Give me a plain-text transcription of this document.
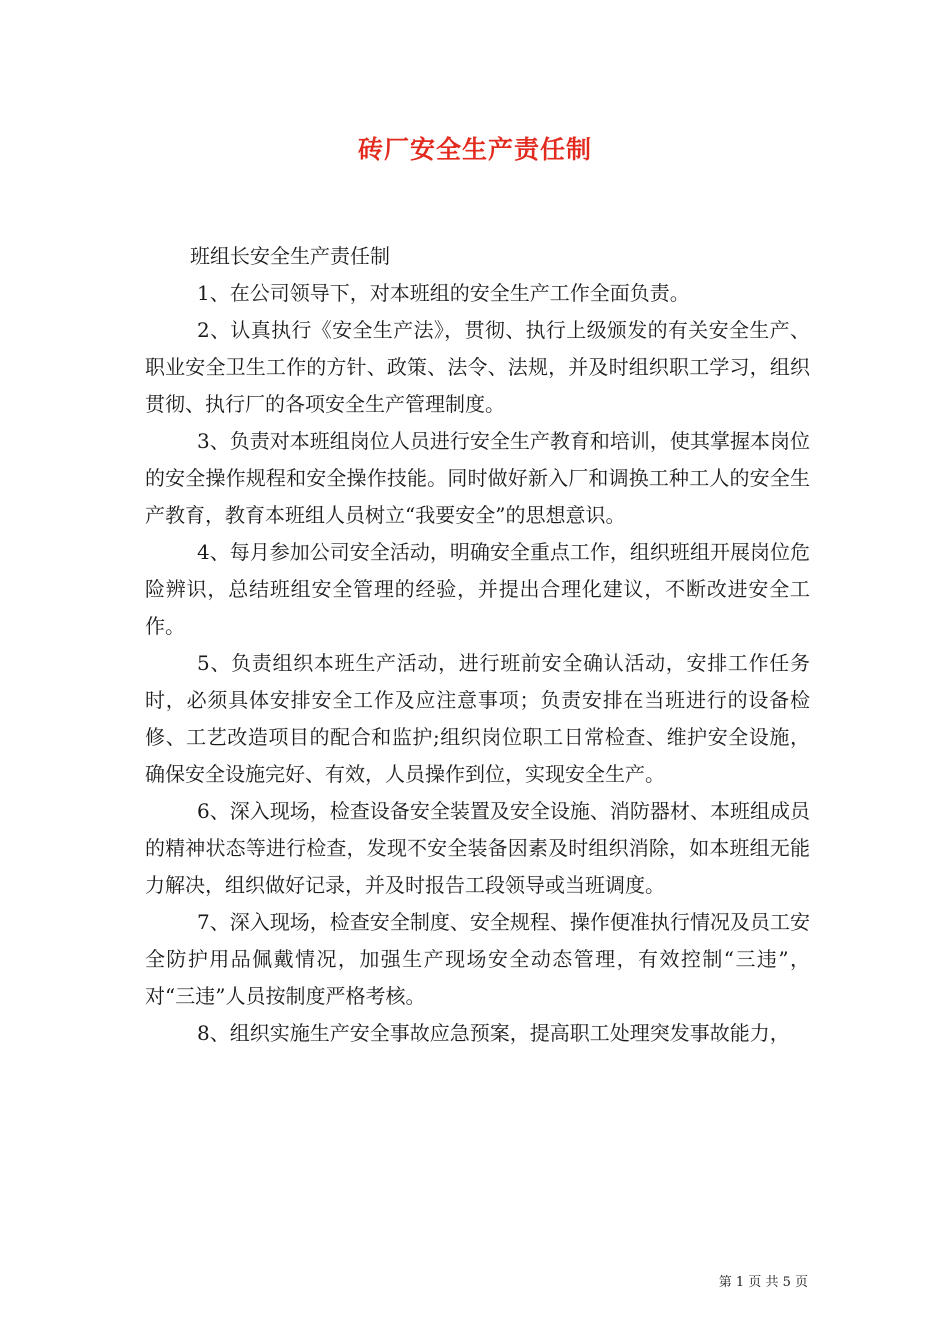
砖厂安全生产责任制

班组长安全生产责任制

1、在公司领导下，对本班组的安全生产工作全面负责。

2、认真执行《安全生产法》，贯彻、执行上级颁发的有关安全生产、职业安全卫生工作的方针、政策、法令、法规，并及时组织职工学习，组织贯彻、执行厂的各项安全生产管理制度。

3、负责对本班组岗位人员进行安全生产教育和培训，使其掌握本岗位的安全操作规程和安全操作技能。同时做好新入厂和调换工种工人的安全生产教育，教育本班组人员树立“我要安全”的思想意识。

4、每月参加公司安全活动，明确安全重点工作，组织班组开展岗位危险辨识，总结班组安全管理的经验，并提出合理化建议，不断改进安全工作。

5、负责组织本班生产活动，进行班前安全确认活动，安排工作任务时，必须具体安排安全工作及应注意事项；负责安排在当班进行的设备检修、工艺改造项目的配合和监护;组织岗位职工日常检查、维护安全设施，确保安全设施完好、有效，人员操作到位，实现安全生产。

6、深入现场，检查设备安全装置及安全设施、消防器材、本班组成员的精神状态等进行检查，发现不安全装备因素及时组织消除，如本班组无能力解决，组织做好记录，并及时报告工段领导或当班调度。

7、深入现场，检查安全制度、安全规程、操作便准执行情况及员工安全防护用品佩戴情况，加强生产现场安全动态管理，有效控制“三违”，对“三违”人员按制度严格考核。

8、组织实施生产安全事故应急预案，提高职工处理突发事故能力，

第 1 页 共 5 页
